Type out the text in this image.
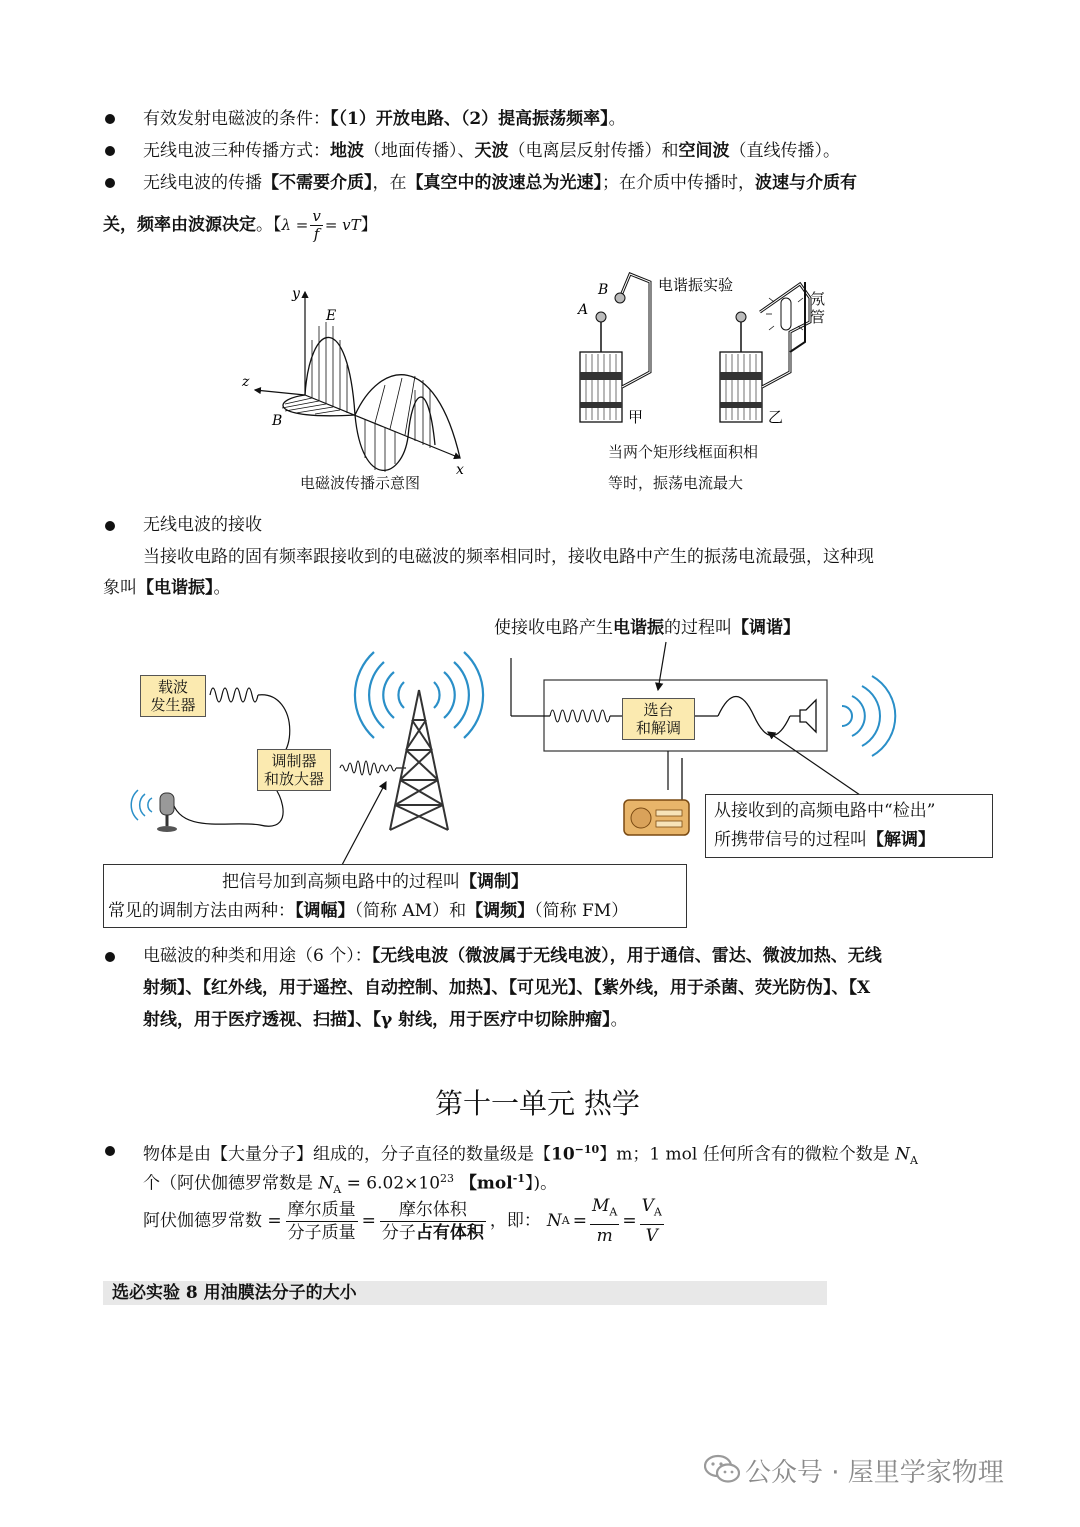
有效发射电磁波的条件：【（1）开放电路、（2）提高振荡频率】。
无线电波三种传播方式：地波（地面传播）、天波（电离层反射传播）和空间波（直线传播）。
无线电波的传播【不需要介质】，在【真空中的波速总为光速】；在介质中传播时，波速与介质有
关，频率由波源决定 。【 $\lambda = \frac{v}{f}$ = vT 】
y
E
z
B
x
电磁波传播示意图
B
A
电谐振实验
甲	乙
氖管
当两个矩形线框面积相
等时，振荡电流最大
无线电波的接收
当接收电路的固有频率跟接收到的电磁波的频率相同时，接收电路中产生的振荡电流最强，这种现
象叫【电谐振】。
使接收电路产生电谐振的过程叫【调谐】
载波
发生器
调制器
和放大器
选台
和解调
从接收到的高频电路中“检出”
所携带信号的过程叫【解调】
把信号加到高频电路中的过程叫【调制】
常见的调制方法由两种：【调幅】（简称 AM）和【调频】（简称 FM）
电磁波的种类和用途（6 个）：【无线电波（微波属于无线电波），用于通信、雷达、微波加热、无线
射频】、【红外线，用于遥控、自动控制、加热】、【可见光】、【紫外线，用于杀菌、荧光防伪】、【X
射线，用于医疗透视、扫描】、【γ 射线，用于医疗中切除肿瘤】。
第十一单元 热学
物体是由【大量分子】组成的，分子直径的数量级是【$10^{-10}$】m；1 mol 任何所含有的微粒个数是 $N_A$
个（阿伏伽德罗常数是 $N_A = 6.02\times 10^{23}$ 【mol$^{-1}$】)。
阿伏伽德罗常数 = $\frac{\text{摩尔质量}}{\text{分子质量}} = \frac{\text{摩尔体积}}{\text{分子占有体积}}$ ，即： N $A = \frac{M_A}{m} = \frac{V_A}{V}$
选必实验 8 用油膜法分子的大小
公众号 · 屋里学家物理
